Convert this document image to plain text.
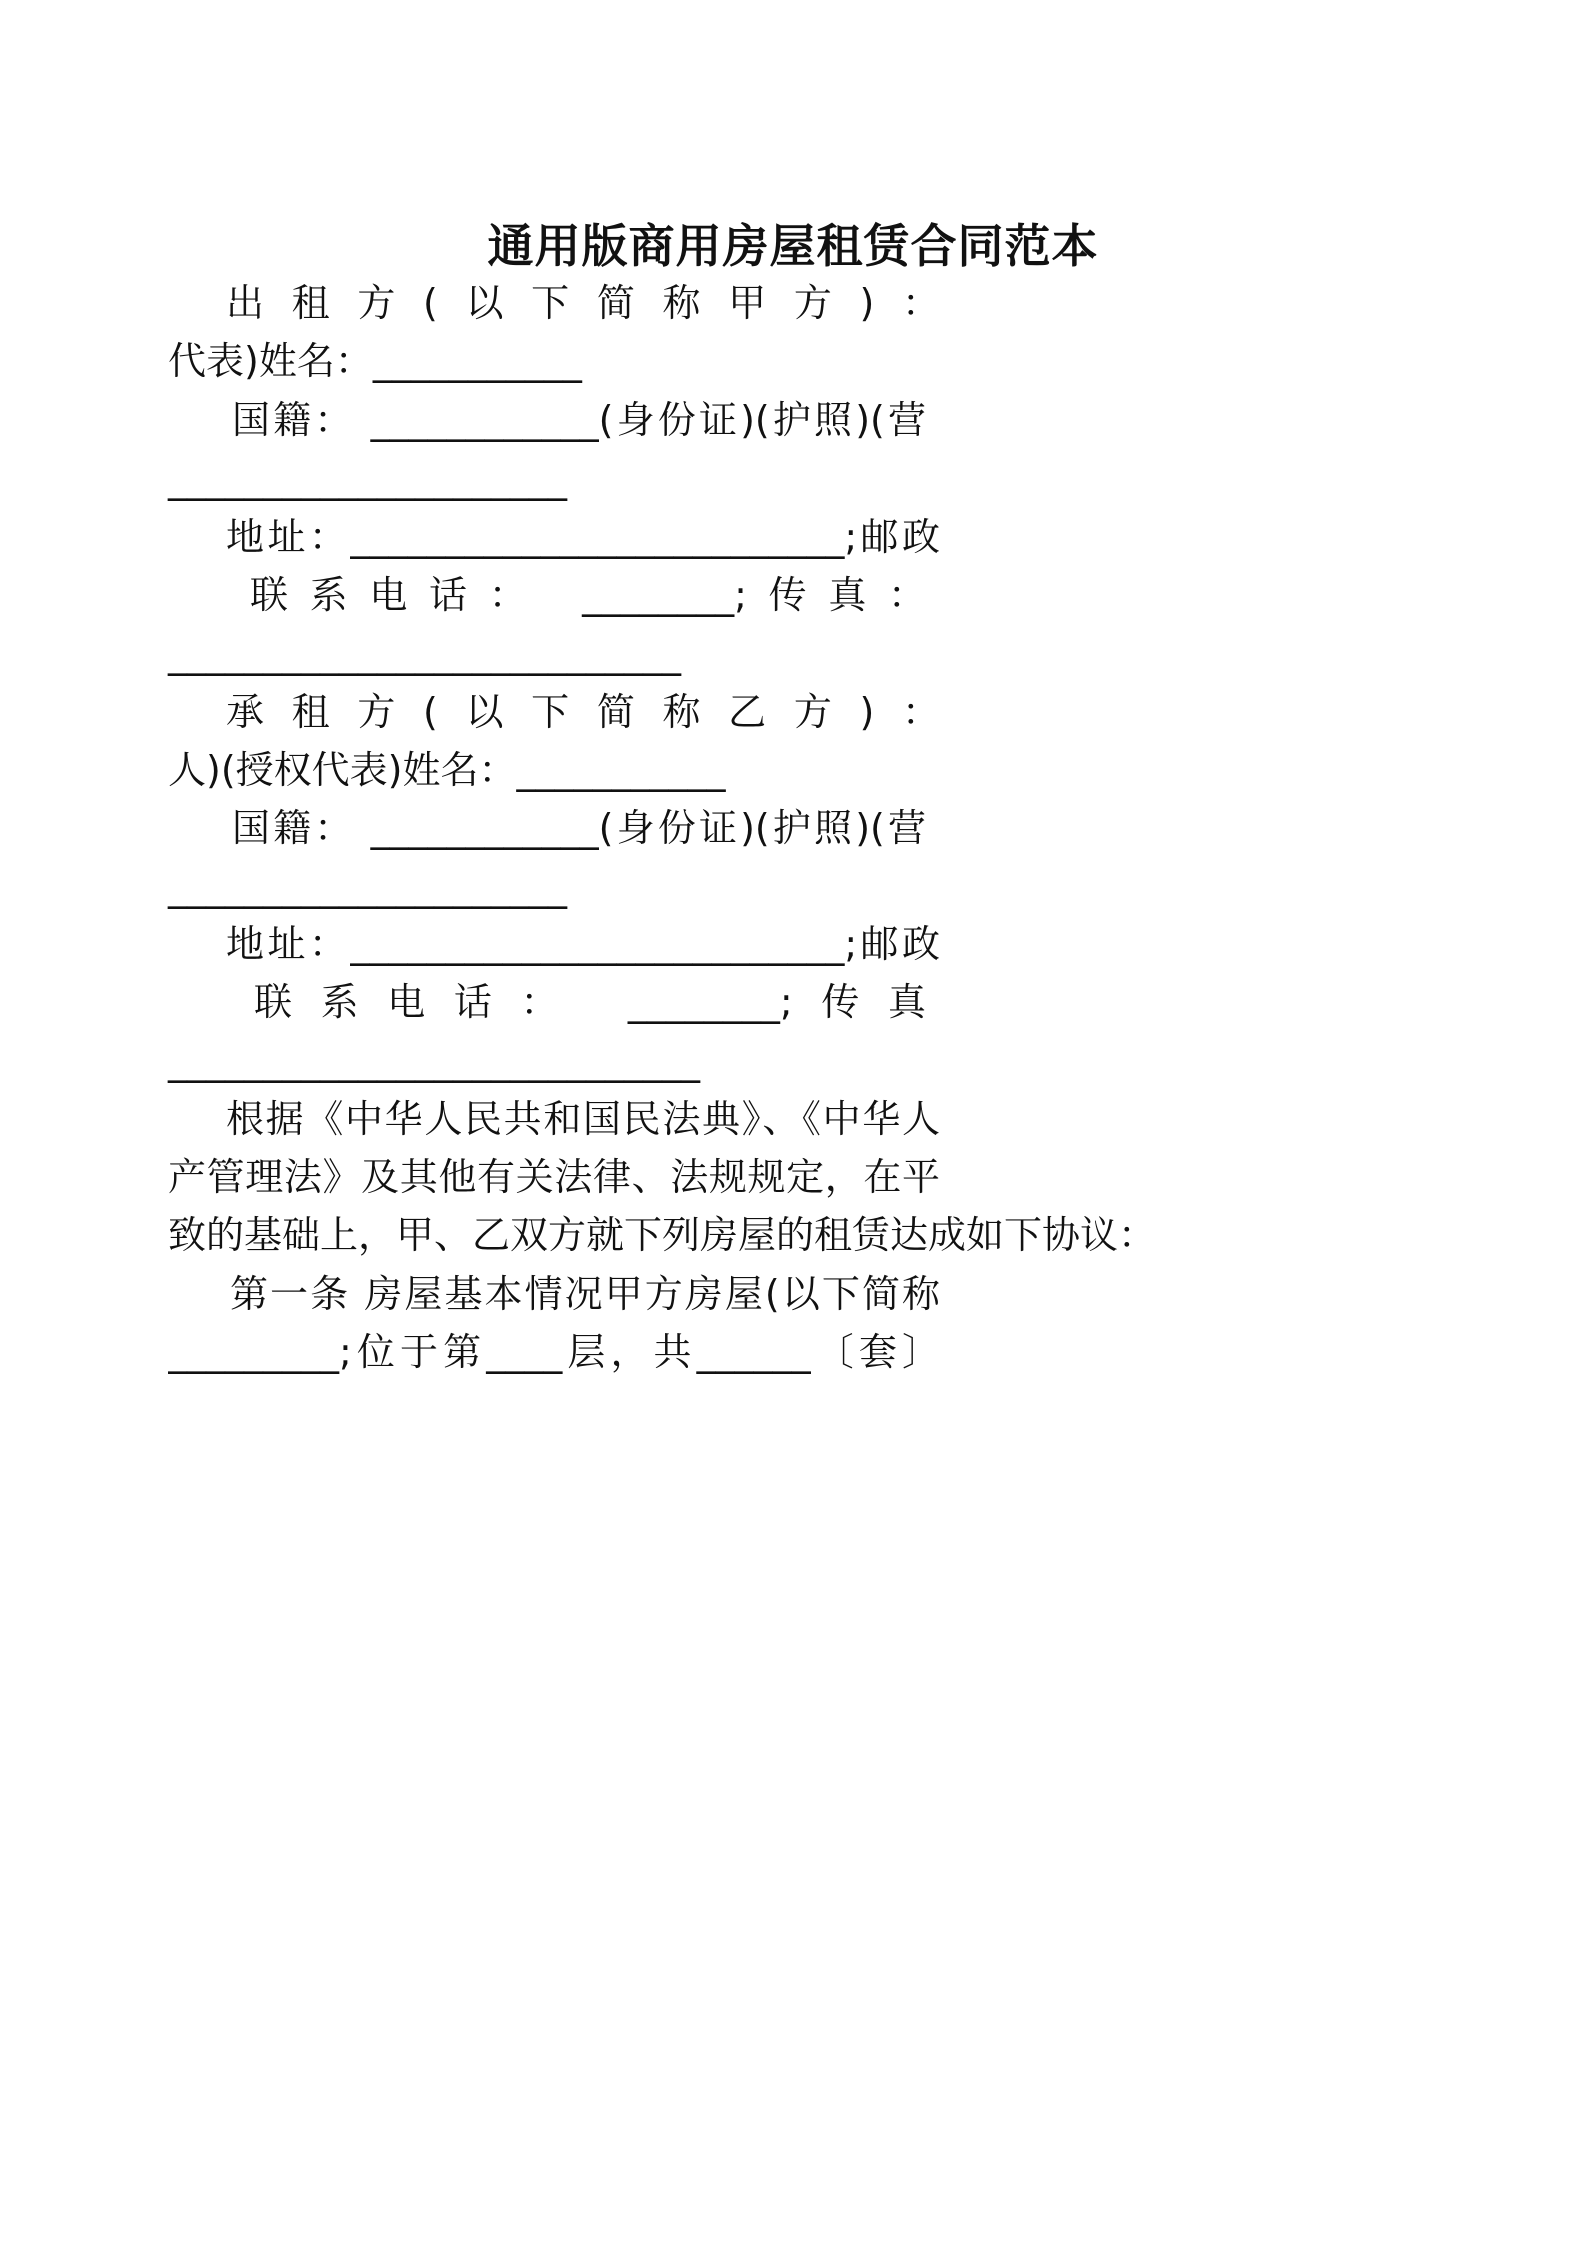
通用版商用房屋租赁合同范本
出租方(以下简称甲方)：
代表)姓名：___________
国籍： ____________(身份证)(护照)(营
_____________________
地址：__________________________;邮政
联系电话： ________;传真：
___________________________
承租方(以下简称乙方)：
人)(授权代表)姓名：___________
国籍： ____________(身份证)(护照)(营
_____________________
地址：__________________________;邮政
联系电话： ________;传真
____________________________
根据《中华人民共和国民法典》、《中华人
产管理法》及其他有关法律、法规规定，在平
致的基础上，甲、乙双方就下列房屋的租赁达成如下协议：
第一条 房屋基本情况甲方房屋(以下简称
_________;位于第____层，共______〔套〕
